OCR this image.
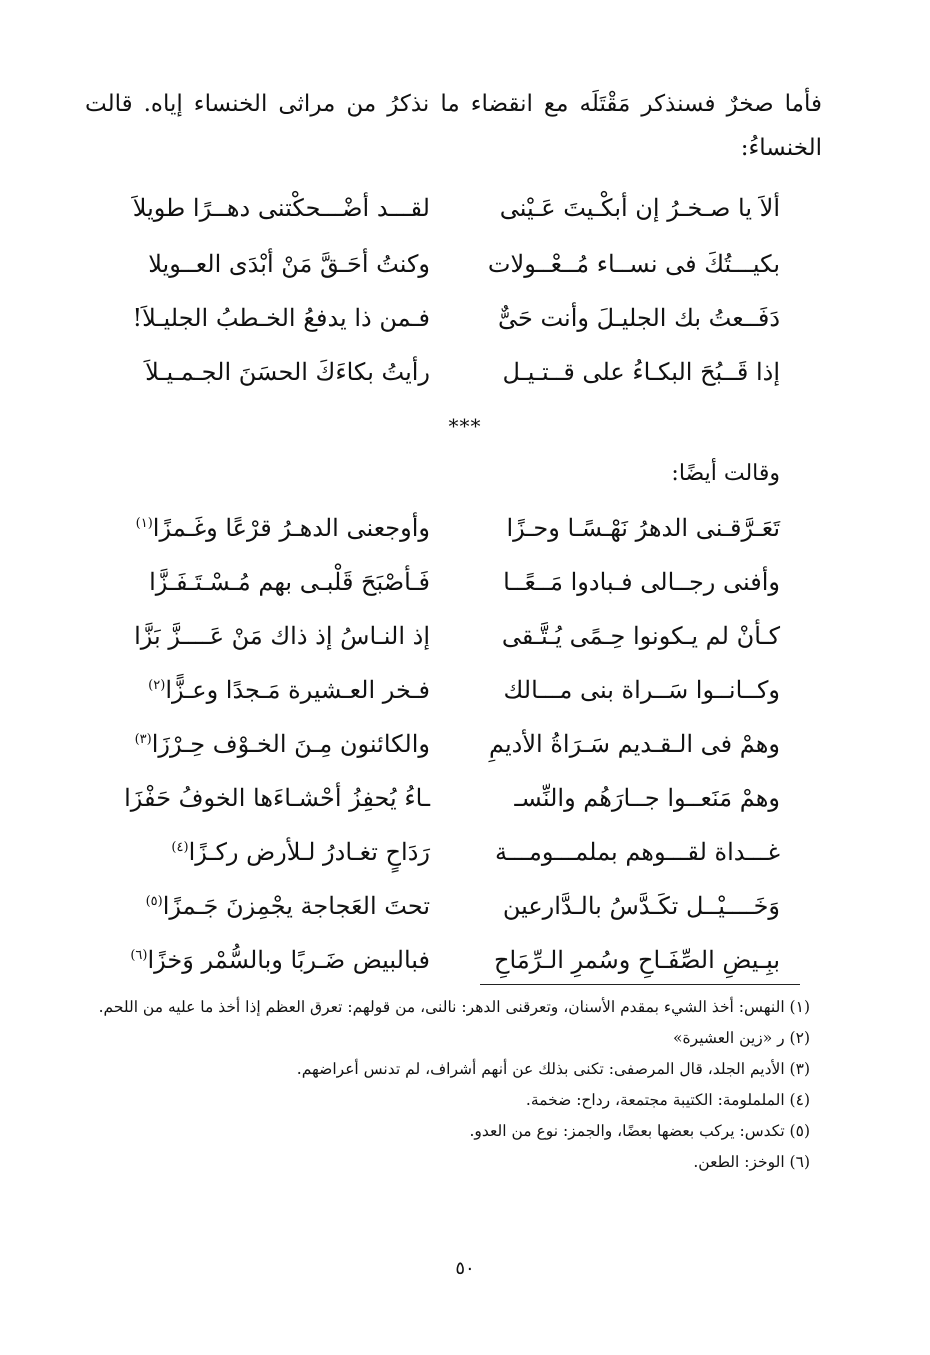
فأما صخرٌ فسنذكر مَقْتَلَه مع انقضاء ما نذكرُ من مراثى الخنساء إياه. قالت الخنساءُ:
ألاَ يا صـخـرُ إن أبكْـيتَ عَـيْنى
لقـــد أضْـــحكْتنى دهــرًا طويلاَ
بكيـــتُكَ فى نســاء مُــعْــولات
وكنتُ أحَـقَّ مَنْ أبْدَى العــويلا
دَفَــعتُ بك الجليـلَ وأنت حَىٌّ
فـمن ذا يدفعُ الخـطبُ الجليـلاَ!
إذا قَــبُحَ البكـاءُ على قــتـيـل
رأيتُ بكاءَكَ الحسَنَ الجـمـيـلاَ
***
وقالت أيضًا:
تَعَـرَّقـنى الدهرُ نَهْـسًـا وحـزًا
وأوجعنى الدهـرُ قرْعًا وغَـمزًا$^{(١)}$
وأفنى رجــالى فـبادوا مَــعًــا
فَـأصْبَحَ قَلْبـى بهم مُـسْـتَـفَـزَّا
كـأنْ لم يـكونوا حِـمًى يُـتَّـقى
إذ النـاسُ إذ ذاك مَنْ عَــــزَّ بَزَّا
وكــانــوا سَــراة بنى مـــالك
فـخر العـشيرة مَـجدًا وعـزًّا$^{(٢)}$
وهمْ فى الـقـديم سَـرَاةُ الأديمِ
والكائنون مِـنَ الخـوْف حِـرْزَا$^{(٣)}$
وهمْ مَنَعــوا جــارَهُم والنِّسـ
ـاءُ يُحفِزُ أحْشـاءَها الخوفُ حَفْزَا
غـــداة لقـــوهم بملمـــومـــة
رَدَاحٍ تغـادرُ لـلأرض ركـزًا$^{(٤)}$
وَخَــــيْــل تكَـدَّسُ بالـدَّارعين
تحتَ العَجاجة يجْمِزنَ جَـمزًا$^{(٥)}$
ببِـيضِ الصِّفَـاحِ وسُمرِ الـرِّمَاحِ
فبالبيض ضَـربًا وبالسُّمْر وَخزًا$^{(٦)}$
(١) النهس: أخذ الشيء بمقدم الأسنان، وتعرقنى الدهر: نالنى، من قولهم: تعرق العظم إذا أخذ ما عليه من اللحم.
(٢) ر «زين العشيرة»
(٣) الأديم الجلد، قال المرصفى: تكنى بذلك عن أنهم أشراف، لم تدنس أعراضهم.
(٤) الململومة: الكتيبة مجتمعة، رداح: ضخمة.
(٥) تكدس: يركب بعضها بعضًا، والجمز: نوع من العدو.
(٦) الوخز: الطعن.
٥٠
